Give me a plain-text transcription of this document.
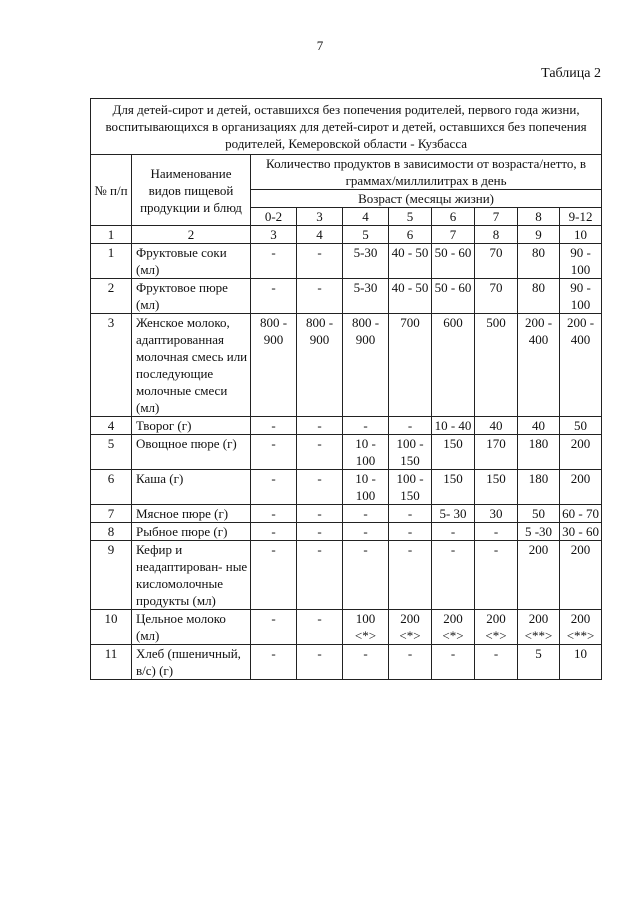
7
Таблица 2
Для детей-сирот и детей, оставшихся без попечения родителей, первого года жизни, воспитывающихся в организациях для детей-сирот и детей, оставшихся без попечения родителей, Кемеровской области - Кузбасса									
№ п/п	Наименование видов пищевой продукции и блюд	Количество продуктов в зависимости от возраста/нетто, в граммах/миллилитрах в день							
		Возраст (месяцы жизни)							
		0-2	3	4	5	6	7	8	9-12
1	2	3	4	5	6	7	8	9	10
1	Фруктовые соки (мл)	-	-	5-30	40 - 50	50 - 60	70	80	90 - 100
2	Фруктовое пюре (мл)	-	-	5-30	40 - 50	50 - 60	70	80	90 - 100
3	Женское молоко, адаптированная молочная смесь или последующие молочные смеси (мл)	800 - 900	800 - 900	800 - 900	700	600	500	200 - 400	200 - 400
4	Творог (г)	-	-	-	-	10 - 40	40	40	50
5	Овощное пюре (г)	-	-	10 - 100	100 - 150	150	170	180	200
6	Каша (г)	-	-	10 - 100	100 - 150	150	150	180	200
7	Мясное пюре (г)	-	-	-	-	5- 30	30	50	60 - 70
8	Рыбное пюре (г)	-	-	-	-	-	-	5 -30	30 - 60
9	Кефир и неадаптирован- ные кисломолочные продукты (мл)	-	-	-	-	-	-	200	200
10	Цельное молоко (мл)	-	-	100 <*>	200 <*>	200 <*>	200 <*>	200 <**>	200 <**>
11	Хлеб (пшеничный, в/с) (г)	-	-	-	-	-	-	5	10
